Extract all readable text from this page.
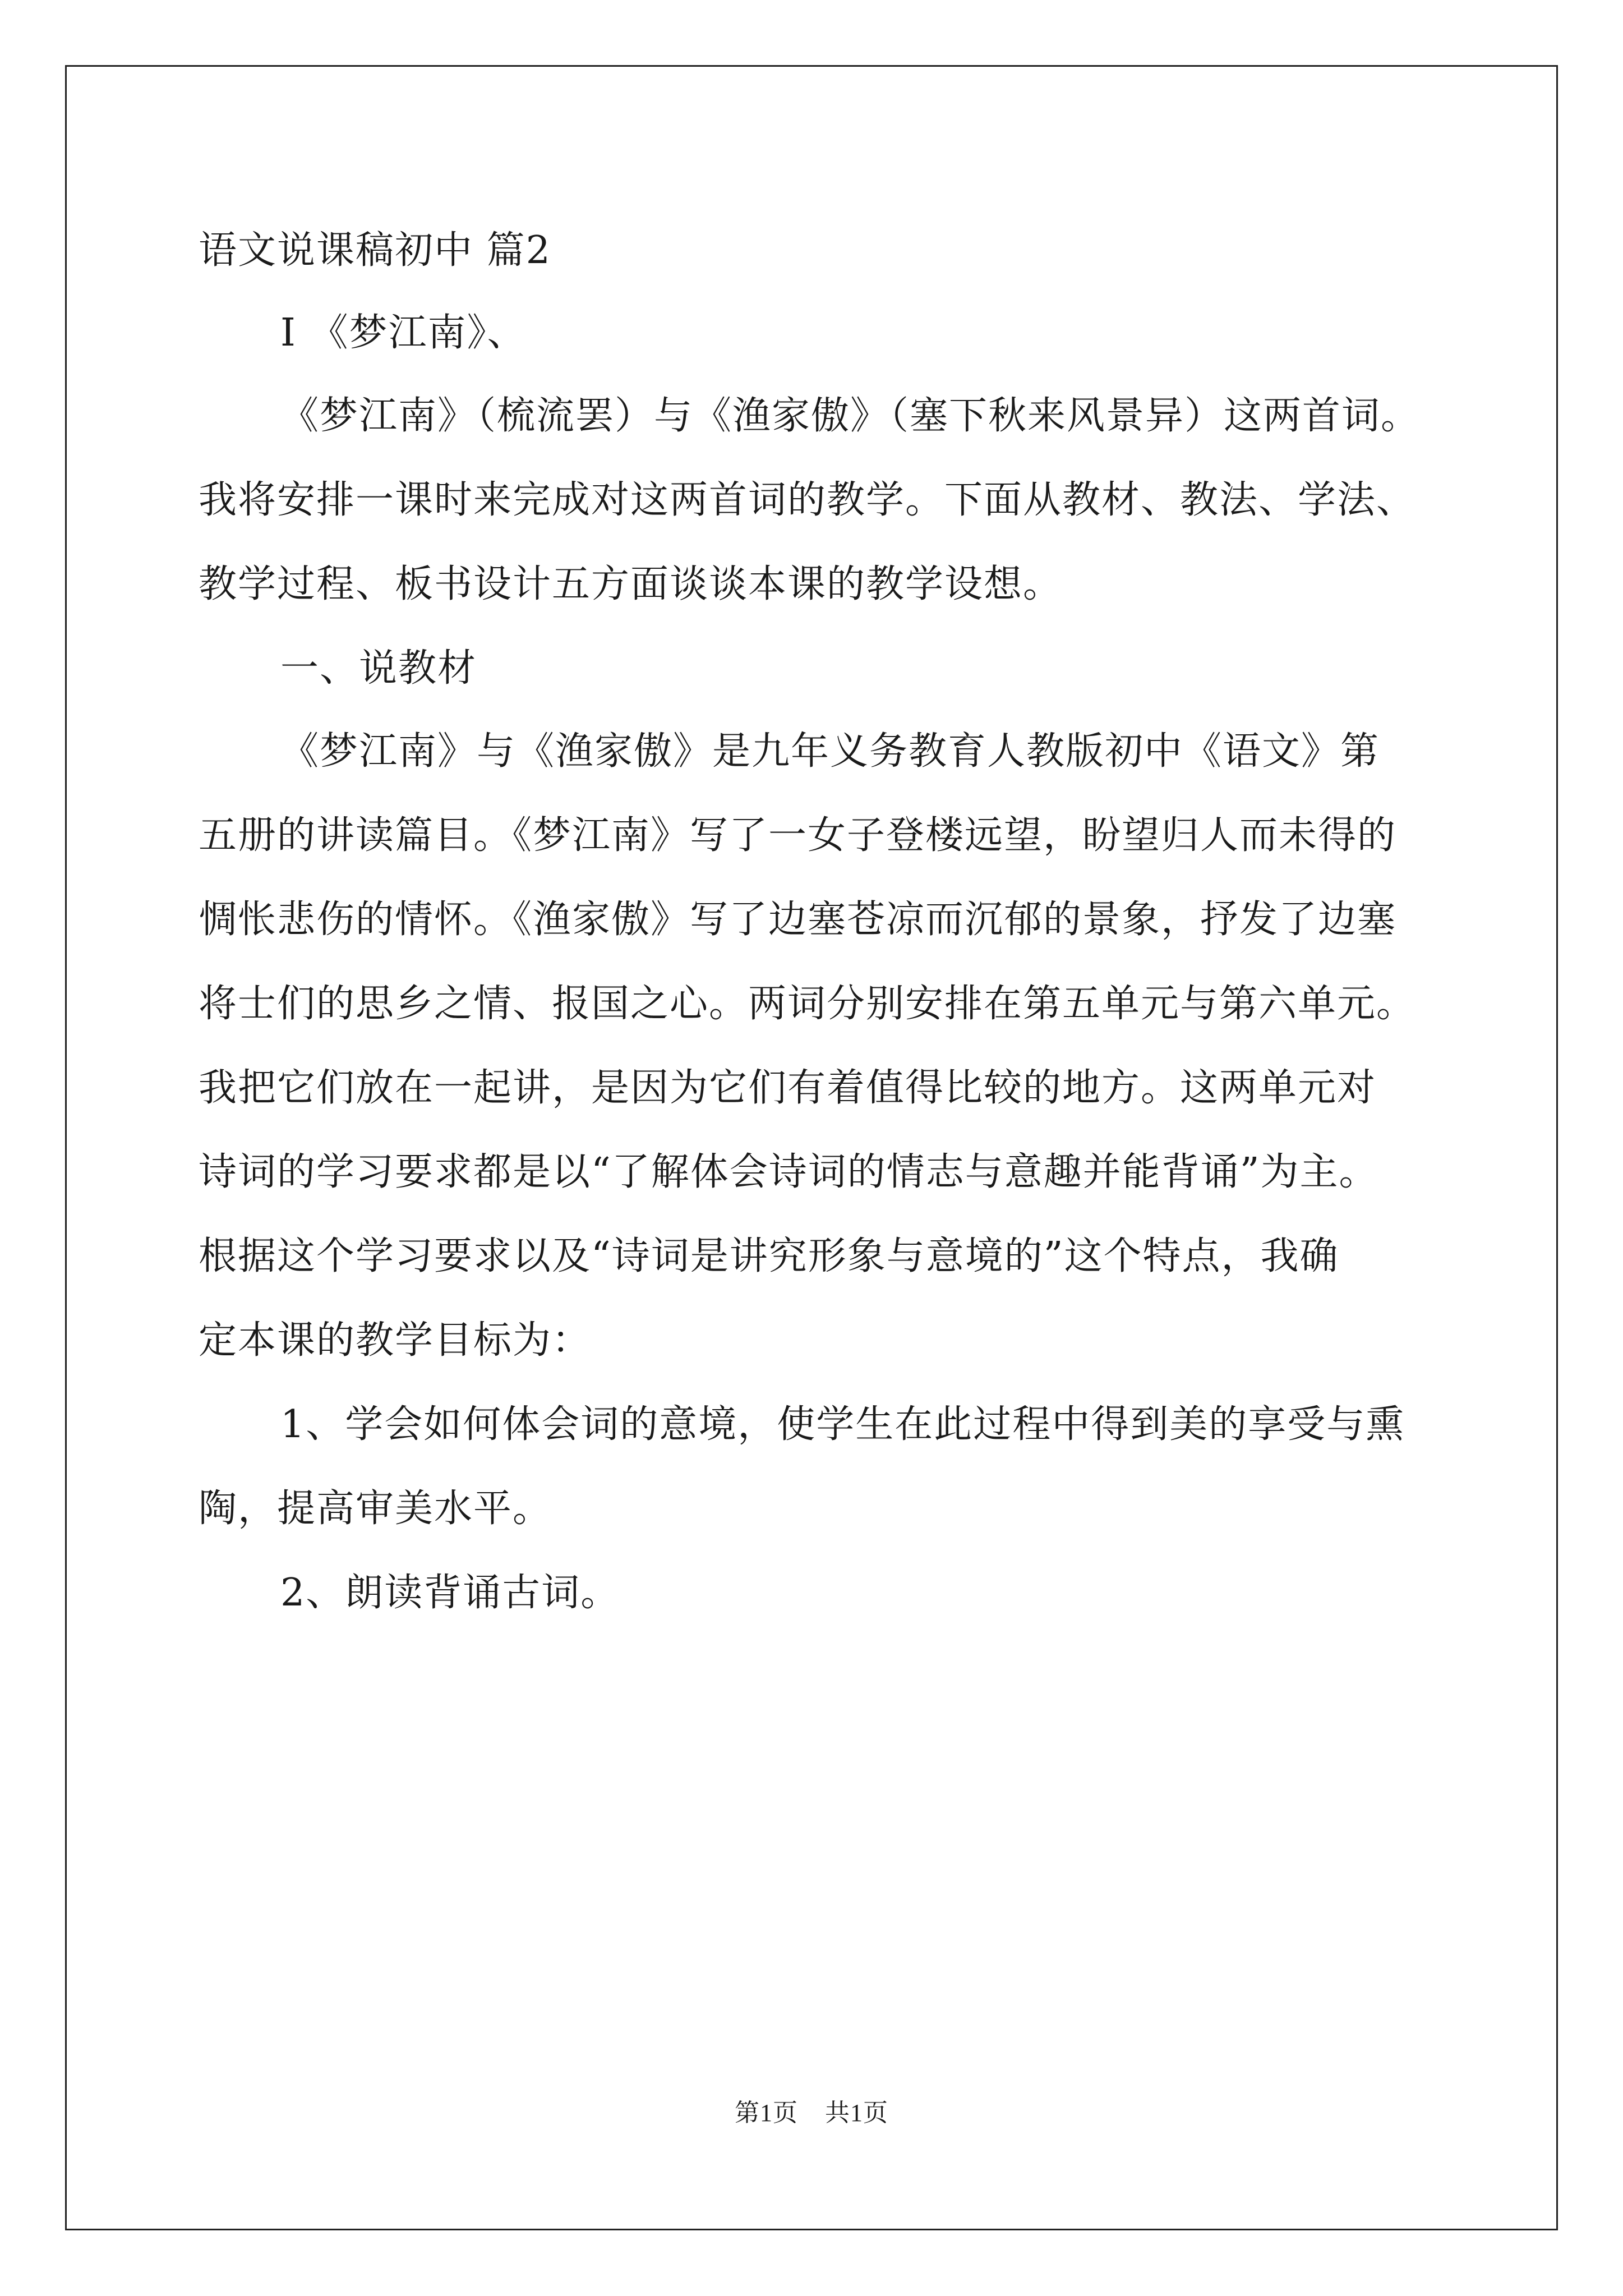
语文说课稿初中 篇2
Ⅰ 《梦江南》、
《梦江南》（梳流罢）与《渔家傲》（塞下秋来风景异）这两首词。
我将安排一课时来完成对这两首词的教学。下面从教材、教法、学法、
教学过程、板书设计五方面谈谈本课的教学设想。
一、说教材
《梦江南》与《渔家傲》是九年义务教育人教版初中《语文》第
五册的讲读篇目。《梦江南》写了一女子登楼远望，盼望归人而未得的
惆怅悲伤的情怀。《渔家傲》写了边塞苍凉而沉郁的景象，抒发了边塞
将士们的思乡之情、报国之心。两词分别安排在第五单元与第六单元。
我把它们放在一起讲，是因为它们有着值得比较的地方。这两单元对
诗词的学习要求都是以“了解体会诗词的情志与意趣并能背诵”为主。
根据这个学习要求以及“诗词是讲究形象与意境的”这个特点，我确
定本课的教学目标为：
1、学会如何体会词的意境，使学生在此过程中得到美的享受与熏
陶，提高审美水平。
2、朗读背诵古词。
第1页 共1页
